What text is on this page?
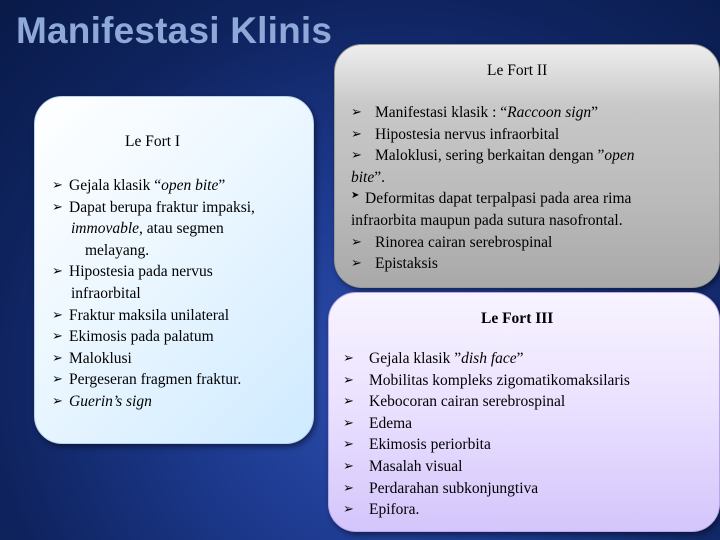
Manifestasi Klinis
Le Fort I
➢ Gejala klasik “open bite”
➢ Dapat berupa fraktur impaksi,
immovable, atau segmen
melayang.
➢ Hipostesia pada nervus
infraorbital
➢ Fraktur maksila unilateral
➢ Ekimosis pada palatum
➢ Maloklusi
➢ Pergeseran fragmen fraktur.
➢ Guerin’s sign
Le Fort II
➢ Manifestasi klasik : “Raccoon sign”
➢ Hipostesia nervus infraorbital
➢ Maloklusi, sering berkaitan dengan ”open
bite”.
➤ Deformitas dapat terpalpasi pada area rima
infraorbita maupun pada sutura nasofrontal.
➢ Rinorea cairan serebrospinal
➢ Epistaksis
Le Fort III
➢ Gejala klasik ”dish face”
➢ Mobilitas kompleks zigomatikomaksilaris
➢ Kebocoran cairan serebrospinal
➢ Edema
➢ Ekimosis periorbita
➢ Masalah visual
➢ Perdarahan subkonjungtiva
➢ Epifora.
